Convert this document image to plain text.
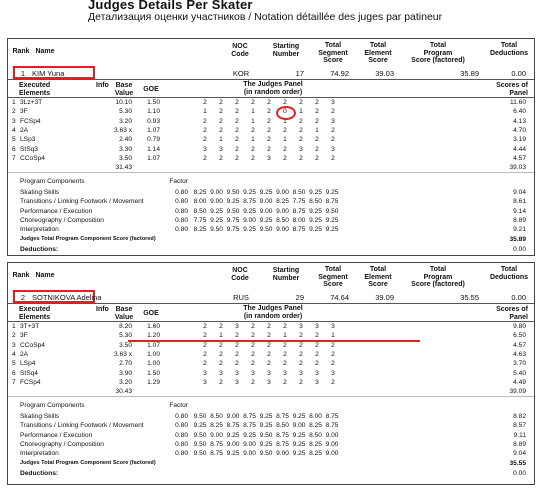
Judges Details Per Skater
Детализация оценки участников / Notation détaillée des juges par patineur
Rank Name
NOC
Code
Starting
Number
Total
Segment
Score
Total
Element
Score
Total
Program
Score (factored)
Total
Deductions
1 KIM Yuna	KOR	17	74.92	39.03	35.89	0.00
Executed
Elements
Info Base
Value	GOE
The Judges Panel
(in random order)
Scores of
Panel
1 3Lz+3T	10.10	1.50	2	2	2	2	2	2	2	2	3	11.60
2 3F	5.30	1.10	1	2	2	1	2	0	1	2	2	6.40
3 FCSp4	3.20	0.93	2	2	2	1	2	1	2	2	3	4.13
4 2A	3.63 x	1.07	2	2	2	2	2	2	2	1	2	4.70
5 LSp3	2.40	0.79	2	1	2	1	2	1	2	2	2	3.19
6 StSq3	3.30	1.14	3	3	2	2	2	2	3	2	3	4.44
7 CCoSp4	3.50	1.07	2	2	2	2	3	2	2	2	2	4.57
31.43	39.03
Program Components	Factor
Skating Skills	0.80 8.25 9.00 9.50 9.25 9.25 9.00 8.50 9.25 9.25	9.04
Transitions / Linking Footwork / Movement	0.80 8.00 9.00 9.25 8.75 9.00 8.25 7.75 8.50 8.75	8.61
Performance / Execution	0.80 8.50 9.25 9.50 9.25 9.00 9.00 8.75 9.25 9.50	9.14
Choreography / Composition	0.80 7.75 9.25 9.75 9.00 9.25 8.50 8.00 9.25 9.25	8.89
Interpretation	0.80 8.25 9.50 9.75 9.25 9.50 9.00 8.75 9.25 9.25	9.21
Judges Total Program Component Score (factored)	35.89
Deductions:	0.00
Rank Name
NOC
Code
Starting
Number
Total
Segment
Score
Total
Element
Score
Total
Program
Score (factored)
Total
Deductions
2 SOTNIKOVA Adelina	RUS	29	74.64	39.09	35.55	0.00
Executed
Elements
Info Base
Value	GOE
The Judges Panel
(in random order)
Scores of
Panel
1 3T+3T	8.20	1.60	2	2	3	2	2	2	3	3	3	9.80
2 3F	5.30	1.20	2	1	2	2	2	1	2	2	1	6.50
3 CCoSp4	3.50	1.07	2	2	2	2	2	2	2	2	2	4.57
4 2A	3.63 x	1.00	2	2	2	2	2	2	2	2	2	4.63
5 LSp4	2.70	1.00	2	2	2	2	2	2	2	2	2	3.70
6 StSq4	3.90	1.50	3	3	3	3	3	3	3	3	3	5.40
7 FCSp4	3.20	1.29	3	2	3	2	3	2	2	3	2	4.49
30.43	39.09
Program Components	Factor
Skating Skills	0.80 9.50 8.50 9.00 8.75 9.25 8.75 9.25 8.00 8.75	8.82
Transitions / Linking Footwork / Movement	0.80 9.25 8.25 8.75 8.75 9.25 8.50 9.00 8.25 8.75	8.57
Performance / Execution	0.80 9.50 9.00 9.25 9.25 9.50 8.75 9.25 8.50 9.00	9.11
Choreography / Composition	0.80 9.50 8.75 9.00 9.00 9.25 8.75 9.25 8.25 9.00	8.89
Interpretation	0.80 9.50 8.75 9.25 9.00 9.50 9.00 9.25 8.25 9.00	9.04
Judges Total Program Component Score (factored)	35.55
Deductions:	0.00
